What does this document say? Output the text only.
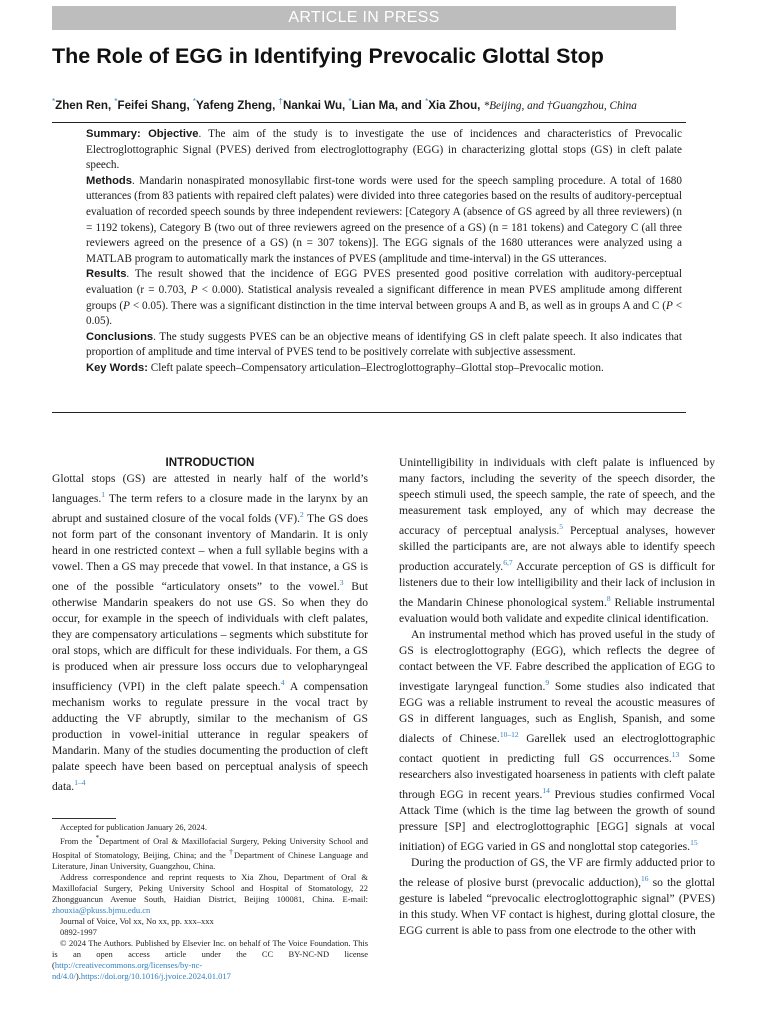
ARTICLE IN PRESS
The Role of EGG in Identifying Prevocalic Glottal Stop
*Zhen Ren, *Feifei Shang, *Yafeng Zheng, †Nankai Wu, *Lian Ma, and *Xia Zhou, *Beijing, and †Guangzhou, China

Summary: Objective. The aim of the study is to investigate the use of incidences and characteristics of Prevocalic Electroglottographic Signal (PVES) derived from electroglottography (EGG) in characterizing glottal stops (GS) in cleft palate speech.

Methods. Mandarin nonaspirated monosyllabic first-tone words were used for the speech sampling procedure. A total of 1680 utterances (from 83 patients with repaired cleft palates) were divided into three categories based on the results of auditory-perceptual evaluation of recorded speech sounds by three independent reviewers: [Category A (absence of GS agreed by all three reviewers) (n = 1192 tokens), Category B (two out of three reviewers agreed on the presence of a GS) (n = 181 tokens) and Category C (all three reviewers agreed on the presence of a GS) (n = 307 tokens)]. The EGG signals of the 1680 utterances were analyzed using a MATLAB program to automatically mark the instances of PVES (amplitude and time-interval) in the GS utterances.

Results. The result showed that the incidence of EGG PVES presented good positive correlation with auditory-perceptual evaluation (r = 0.703, P < 0.000). Statistical analysis revealed a significant difference in mean PVES amplitude among different groups (P < 0.05). There was a significant distinction in the time interval between groups A and B, as well as in groups A and C (P < 0.05).

Conclusions. The study suggests PVES can be an objective means of identifying GS in cleft palate speech. It also indicates that proportion of amplitude and time interval of PVES tend to be positively correlate with subjective assessment.

Key Words: Cleft palate speech–Compensatory articulation–Electroglottography–Glottal stop–Prevocalic motion.

INTRODUCTION

Glottal stops (GS) are attested in nearly half of the world’s languages.$^1$ The term refers to a closure made in the larynx by an abrupt and sustained closure of the vocal folds (VF).$^2$ The GS does not form part of the consonant inventory of Mandarin. It is only heard in one restricted context – when a full syllable begins with a vowel. Then a GS may precede that vowel. In that instance, a GS is one of the possible “articulatory onsets” to the vowel.$^3$ But otherwise Mandarin speakers do not use GS. So when they do occur, for example in the speech of individuals with cleft palates, they are compensatory articulations – segments which substitute for oral stops, which are difficult for these individuals. For them, a GS is produced when air pressure loss occurs due to velopharyngeal insufficiency (VPI) in the cleft palate speech.$^4$ A compensation mechanism works to regulate pressure in the vocal tract by adducting the VF abruptly, similar to the mechanism of GS production in vowel-initial utterance in regular speakers of Mandarin. Many of the studies documenting the production of cleft palate speech have been based on perceptual analysis of speech data.$^{1-4}$

Unintelligibility in individuals with cleft palate is influenced by many factors, including the severity of the speech disorder, the speech stimuli used, the speech sample, the rate of speech, and the measurement task employed, any of which may decrease the accuracy of perceptual analysis.$^5$ Perceptual analyses, however skilled the participants are, are not always able to identify speech production accurately.$^{6,7}$ Accurate perception of GS is difficult for listeners due to their low intelligibility and their lack of inclusion in the Mandarin Chinese phonological system.$^8$ Reliable instrumental evaluation would both validate and expedite clinical identification.

An instrumental method which has proved useful in the study of GS is electroglottography (EGG), which reflects the degree of contact between the VF. Fabre described the application of EGG to investigate laryngeal function.$^9$ Some studies also indicated that EGG was a reliable instrument to reveal the acoustic measures of GS in different languages, such as English, Spanish, and some dialects of Chinese.$^{10-12}$ Garellek used an electroglottographic contact quotient in predicting full GS occurrences.$^{13}$ Some researchers also investigated hoarseness in patients with cleft palate through EGG in recent years.$^{14}$ Previous studies confirmed Vocal Attack Time (which is the time lag between the growth of sound pressure [SP] and electroglottographic [EGG] signals at vocal initiation) of EGG varied in GS and nonglottal stop categories.$^{15}$

During the production of GS, the VF are firmly adducted prior to the release of plosive burst (prevocalic adduction),$^{16}$ so the glottal gesture is labeled “prevocalic electroglottographic signal” (PVES) in this study. When VF contact is highest, during glottal closure, the EGG current is able to pass from one electrode to the other with

Accepted for publication January 26, 2024.

From the *Department of Oral & Maxillofacial Surgery, Peking University School and Hospital of Stomatology, Beijing, China; and the †Department of Chinese Language and Literature, Jinan University, Guangzhou, China.

Address correspondence and reprint requests to Xia Zhou, Department of Oral & Maxillofacial Surgery, Peking University School and Hospital of Stomatology, 22 Zhongguancun Avenue South, Haidian District, Beijing 100081, China. E-mail: zhouxia@pkuss.bjmu.edu.cn

Journal of Voice, Vol xx, No xx, pp. xxx–xxx

0892-1997

© 2024 The Authors. Published by Elsevier Inc. on behalf of The Voice Foundation. This is an open access article under the CC BY-NC-ND license (http://creativecommons.org/licenses/by-nc-nd/4.0/).https://doi.org/10.1016/j.jvoice.2024.01.017
